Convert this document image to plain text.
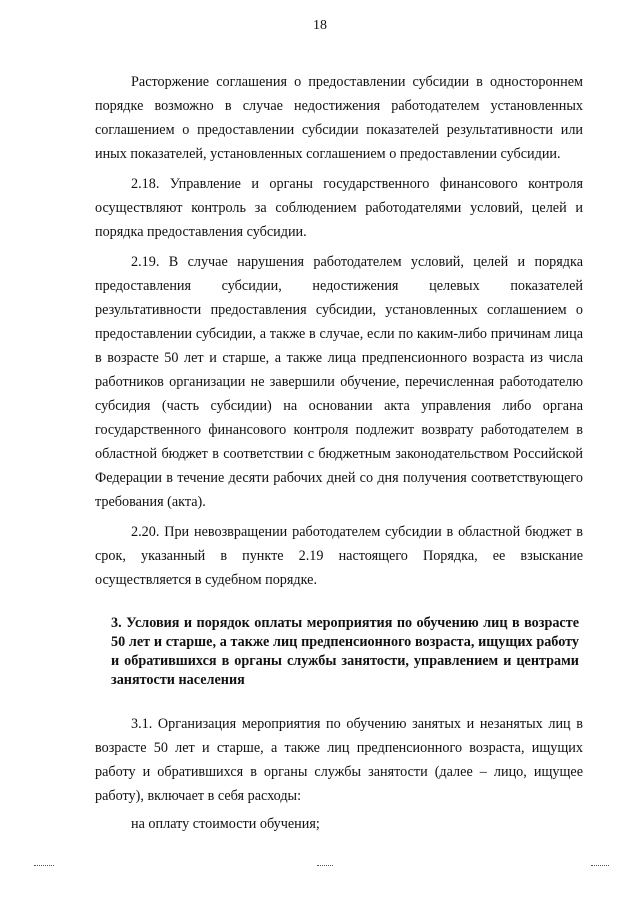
18

Расторжение соглашения о предоставлении субсидии в одностороннем порядке возможно в случае недостижения работодателем установленных соглашением о предоставлении субсидии показателей результативности или иных показателей, установленных соглашением о предоставлении субсидии.

2.18. Управление и органы государственного финансового контроля осуществляют контроль за соблюдением работодателями условий, целей и порядка предоставления субсидии.

2.19. В случае нарушения работодателем условий, целей и порядка предоставления субсидии, недостижения целевых показателей результативности предоставления субсидии, установленных соглашением о предоставлении субсидии, а также в случае, если по каким-либо причинам лица в возрасте 50 лет и старше, а также лица предпенсионного возраста из числа работников организации не завершили обучение, перечисленная работодателю субсидия (часть субсидии) на основании акта управления либо органа государственного финансового контроля подлежит возврату работодателем в областной бюджет в соответствии с бюджетным законодательством Российской Федерации в течение десяти рабочих дней со дня получения соответствующего требования (акта).

2.20. При невозвращении работодателем субсидии в областной бюджет в срок, указанный в пункте 2.19 настоящего Порядка, ее взыскание осуществляется в судебном порядке.

3. Условия и порядок оплаты мероприятия по обучению лиц в возрасте 50 лет и старше, а также лиц предпенсионного возраста, ищущих работу и обратившихся в органы службы занятости, управлением и центрами занятости населения

3.1. Организация мероприятия по обучению занятых и незанятых лиц в возрасте 50 лет и старше, а также лиц предпенсионного возраста, ищущих работу и обратившихся в органы службы занятости (далее – лицо, ищущее работу), включает в себя расходы:

на оплату стоимости обучения;
